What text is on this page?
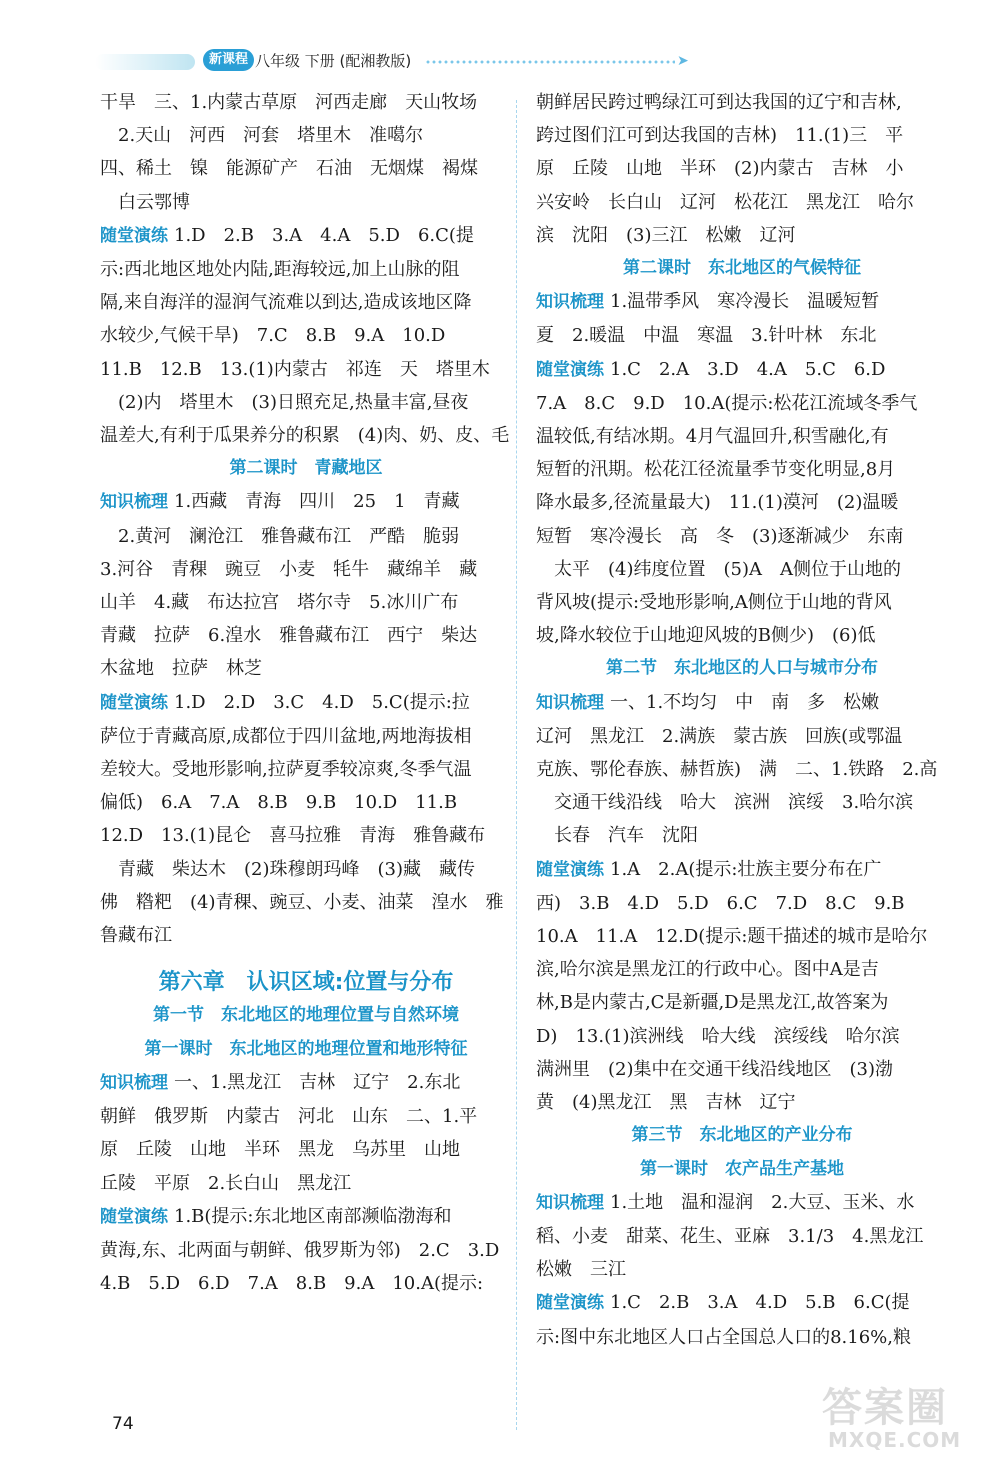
新课程 八年级 下册 (配湘教版)	➤

干旱　三、1.内蒙古草原　河西走廊　天山牧场

2.天山　河西　河套　塔里木　准噶尔

四、稀土　镍　能源矿产　石油　无烟煤　褐煤

白云鄂博

随堂演练 1.D　2.B　3.A　4.A　5.D　6.C(提

示:西北地区地处内陆,距海较远,加上山脉的阻

隔,来自海洋的湿润气流难以到达,造成该地区降

水较少,气候干旱)　7.C　8.B　9.A　10.D

11.B　12.B　13.(1)内蒙古　祁连　天　塔里木

(2)内　塔里木　(3)日照充足,热量丰富,昼夜

温差大,有利于瓜果养分的积累　(4)肉、奶、皮、毛

第二课时　青藏地区

知识梳理 1.西藏　青海　四川　25　1　青藏

2.黄河　澜沧江　雅鲁藏布江　严酷　脆弱

3.河谷　青稞　豌豆　小麦　牦牛　藏绵羊　藏

山羊　4.藏　布达拉宫　塔尔寺　5.冰川广布

青藏　拉萨　6.湟水　雅鲁藏布江　西宁　柴达

木盆地　拉萨　林芝

随堂演练 1.D　2.D　3.C　4.D　5.C(提示:拉

萨位于青藏高原,成都位于四川盆地,两地海拔相

差较大。受地形影响,拉萨夏季较凉爽,冬季气温

偏低)　6.A　7.A　8.B　9.B　10.D　11.B

12.D　13.(1)昆仑　喜马拉雅　青海　雅鲁藏布

青藏　柴达木　(2)珠穆朗玛峰　(3)藏　藏传

佛　糌粑　(4)青稞、豌豆、小麦、油菜　湟水　雅

鲁藏布江

第六章　认识区域:位置与分布

第一节　东北地区的地理位置与自然环境

第一课时　东北地区的地理位置和地形特征

知识梳理 一、1.黑龙江　吉林　辽宁　2.东北

朝鲜　俄罗斯　内蒙古　河北　山东　二、1.平

原　丘陵　山地　半环　黑龙　乌苏里　山地

丘陵　平原　2.长白山　黑龙江

随堂演练 1.B(提示:东北地区南部濒临渤海和

黄海,东、北两面与朝鲜、俄罗斯为邻)　2.C　3.D

4.B　5.D　6.D　7.A　8.B　9.A　10.A(提示:

朝鲜居民跨过鸭绿江可到达我国的辽宁和吉林,

跨过图们江可到达我国的吉林)　11.(1)三　平

原　丘陵　山地　半环　(2)内蒙古　吉林　小

兴安岭　长白山　辽河　松花江　黑龙江　哈尔

滨　沈阳　(3)三江　松嫩　辽河

第二课时　东北地区的气候特征

知识梳理 1.温带季风　寒冷漫长　温暖短暂

夏　2.暖温　中温　寒温　3.针叶林　东北

随堂演练 1.C　2.A　3.D　4.A　5.C　6.D

7.A　8.C　9.D　10.A(提示:松花江流域冬季气

温较低,有结冰期。4月气温回升,积雪融化,有

短暂的汛期。松花江径流量季节变化明显,8月

降水最多,径流量最大)　11.(1)漠河　(2)温暖

短暂　寒冷漫长　高　冬　(3)逐渐减少　东南

太平　(4)纬度位置　(5)A　A侧位于山地的

背风坡(提示:受地形影响,A侧位于山地的背风

坡,降水较位于山地迎风坡的B侧少)　(6)低

第二节　东北地区的人口与城市分布

知识梳理 一、1.不均匀　中　南　多　松嫩

辽河　黑龙江　2.满族　蒙古族　回族(或鄂温

克族、鄂伦春族、赫哲族)　满　二、1.铁路　2.高

交通干线沿线　哈大　滨洲　滨绥　3.哈尔滨

长春　汽车　沈阳

随堂演练 1.A　2.A(提示:壮族主要分布在广

西)　3.B　4.D　5.D　6.C　7.D　8.C　9.B

10.A　11.A　12.D(提示:题干描述的城市是哈尔

滨,哈尔滨是黑龙江的行政中心。图中A是吉

林,B是内蒙古,C是新疆,D是黑龙江,故答案为

D)　13.(1)滨洲线　哈大线　滨绥线　哈尔滨

满洲里　(2)集中在交通干线沿线地区　(3)渤

黄　(4)黑龙江　黑　吉林　辽宁

第三节　东北地区的产业分布

第一课时　农产品生产基地

知识梳理 1.土地　温和湿润　2.大豆、玉米、水

稻、小麦　甜菜、花生、亚麻　3.1/3　4.黑龙江

松嫩　三江

随堂演练 1.C　2.B　3.A　4.D　5.B　6.C(提

示:图中东北地区人口占全国总人口的8.16%,粮

74	答案圈
MXQE.COM
